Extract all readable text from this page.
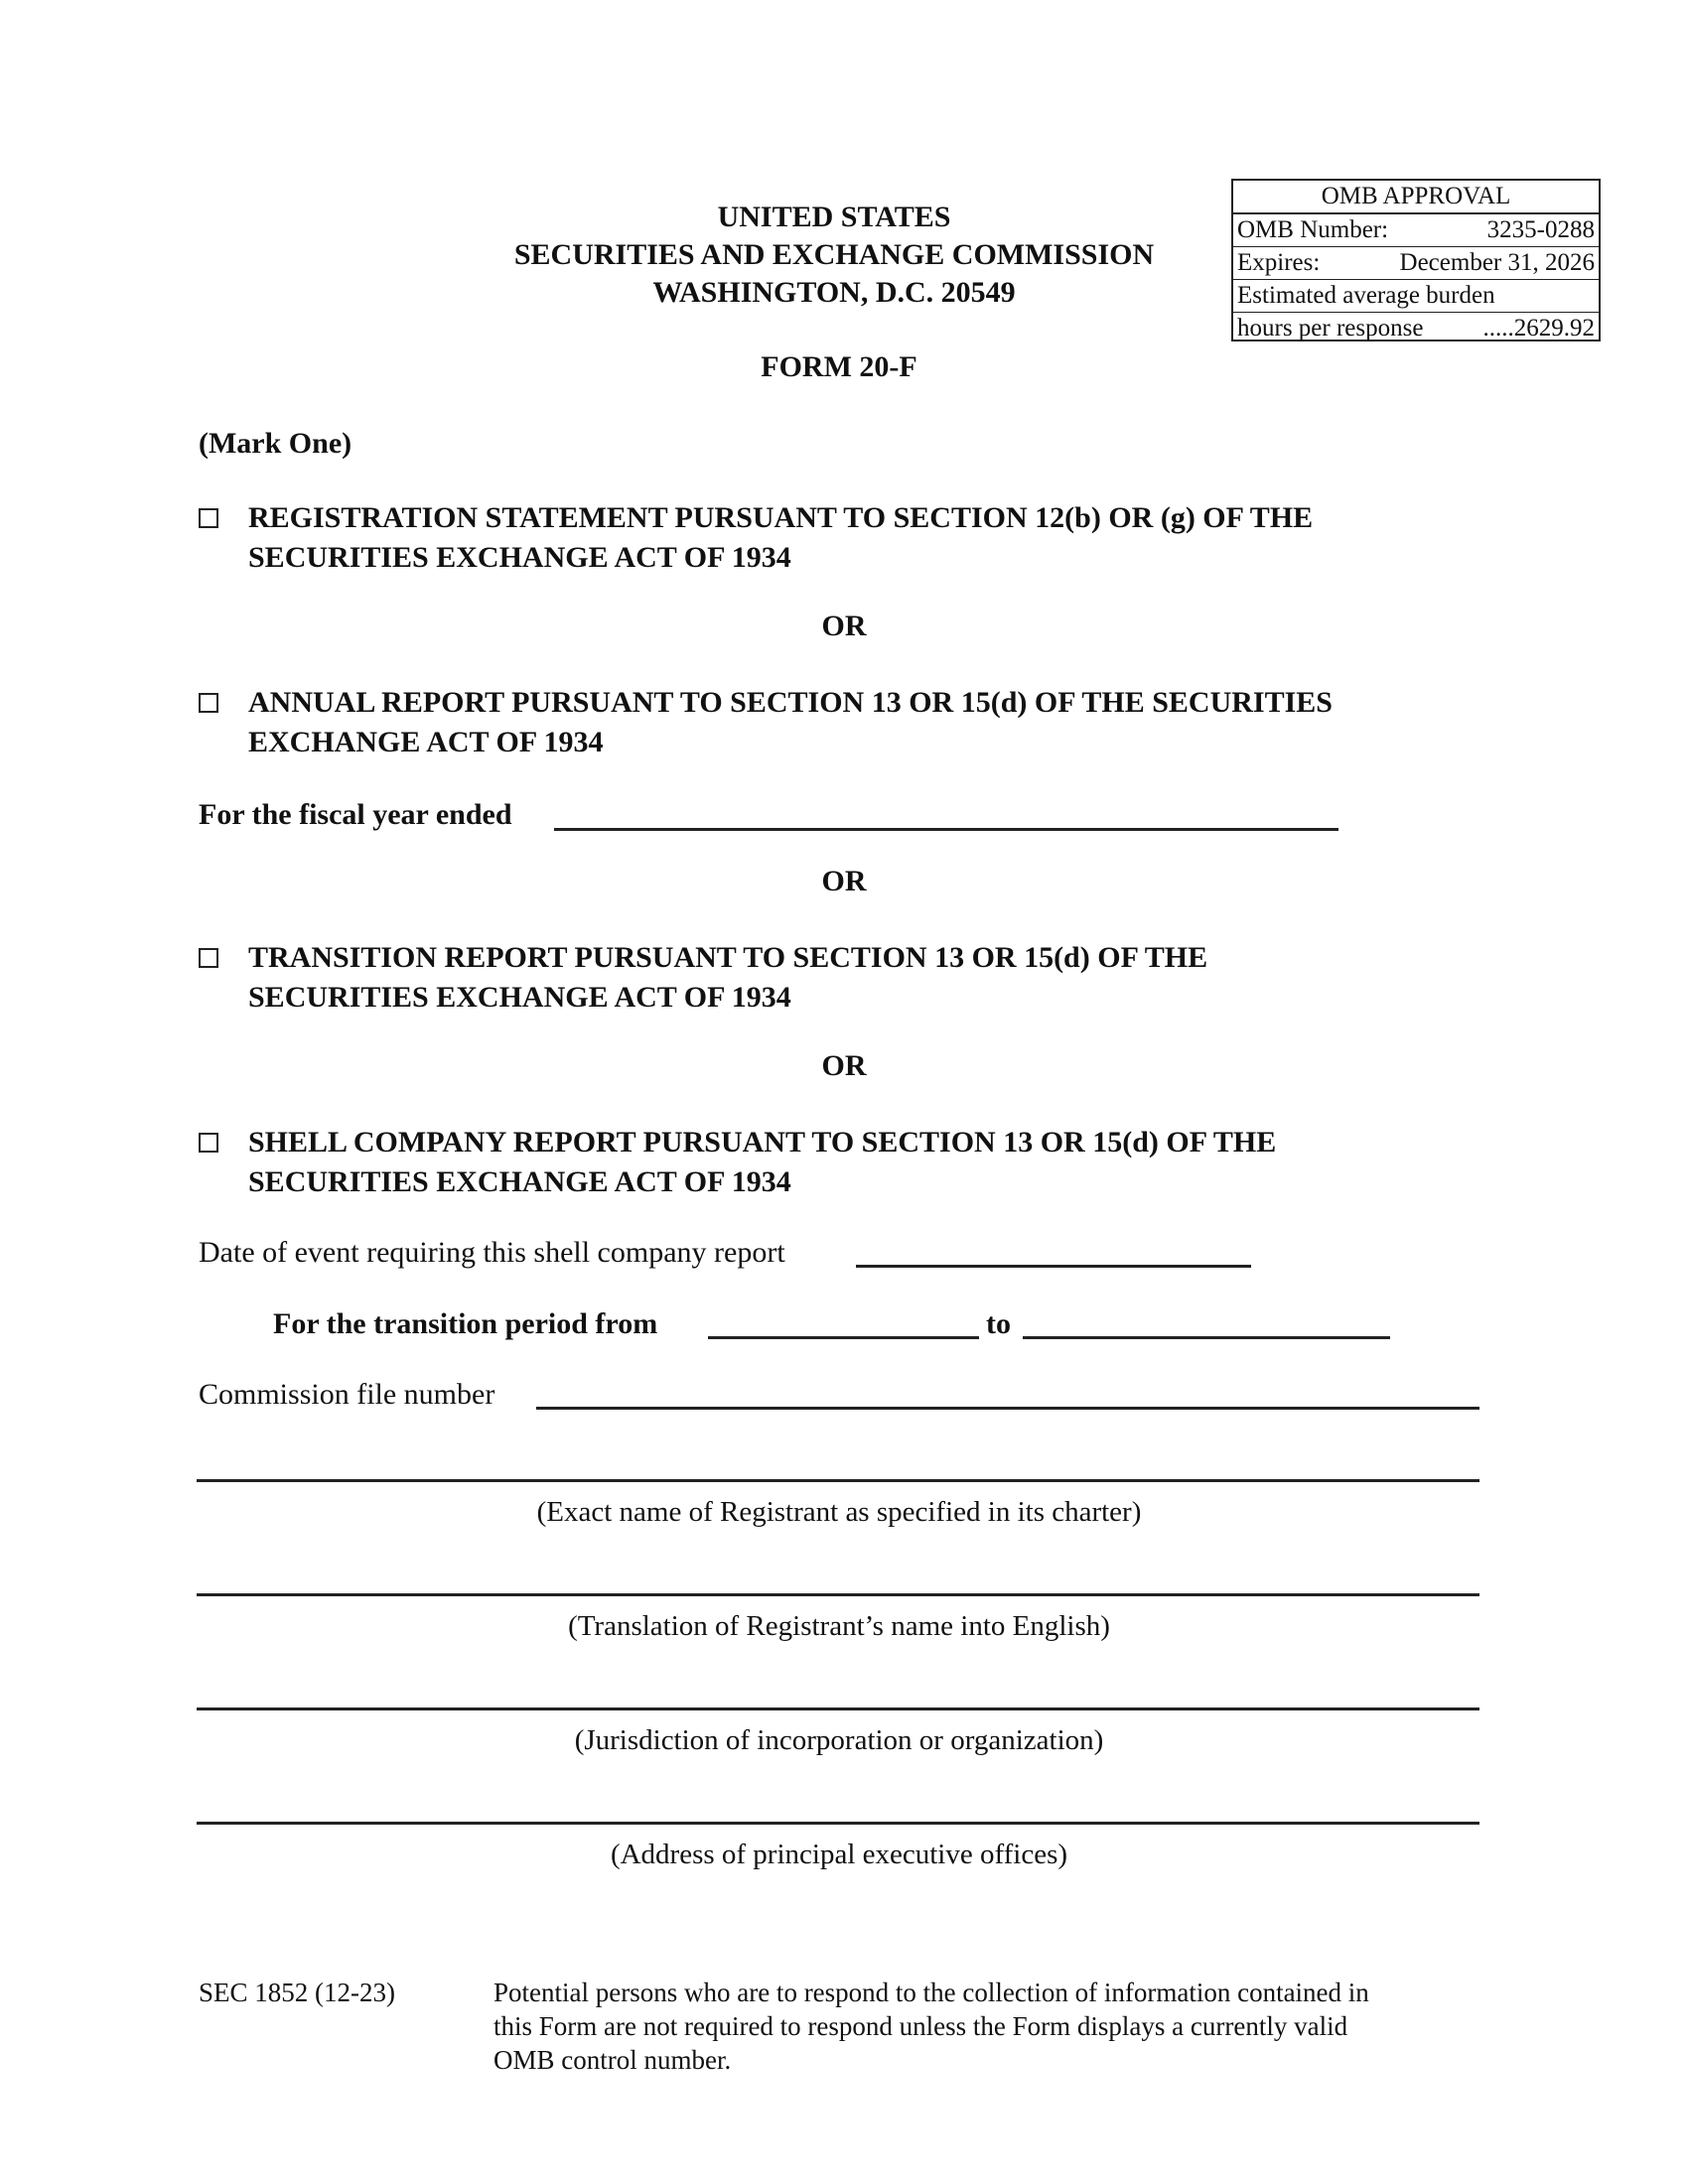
OMB APPROVAL
OMB Number:	3235-0288
Expires:	December 31, 2026
Estimated average burden
hours per response .....2629.92
UNITED STATES
SECURITIES AND EXCHANGE COMMISSION
WASHINGTON, D.C. 20549
FORM 20-F
(Mark One)
REGISTRATION STATEMENT PURSUANT TO SECTION 12(b) OR (g) OF THE
SECURITIES EXCHANGE ACT OF 1934
OR
ANNUAL REPORT PURSUANT TO SECTION 13 OR 15(d) OF THE SECURITIES
EXCHANGE ACT OF 1934
For the fiscal year ended
OR
TRANSITION REPORT PURSUANT TO SECTION 13 OR 15(d) OF THE
SECURITIES EXCHANGE ACT OF 1934
OR
SHELL COMPANY REPORT PURSUANT TO SECTION 13 OR 15(d) OF THE
SECURITIES EXCHANGE ACT OF 1934
Date of event requiring this shell company report
For the transition period from	to
Commission file number
(Exact name of Registrant as specified in its charter)
(Translation of Registrant’s name into English)
(Jurisdiction of incorporation or organization)
(Address of principal executive offices)
SEC 1852 (12-23)	Potential persons who are to respond to the collection of information contained in
this Form are not required to respond unless the Form displays a currently valid
OMB control number.
